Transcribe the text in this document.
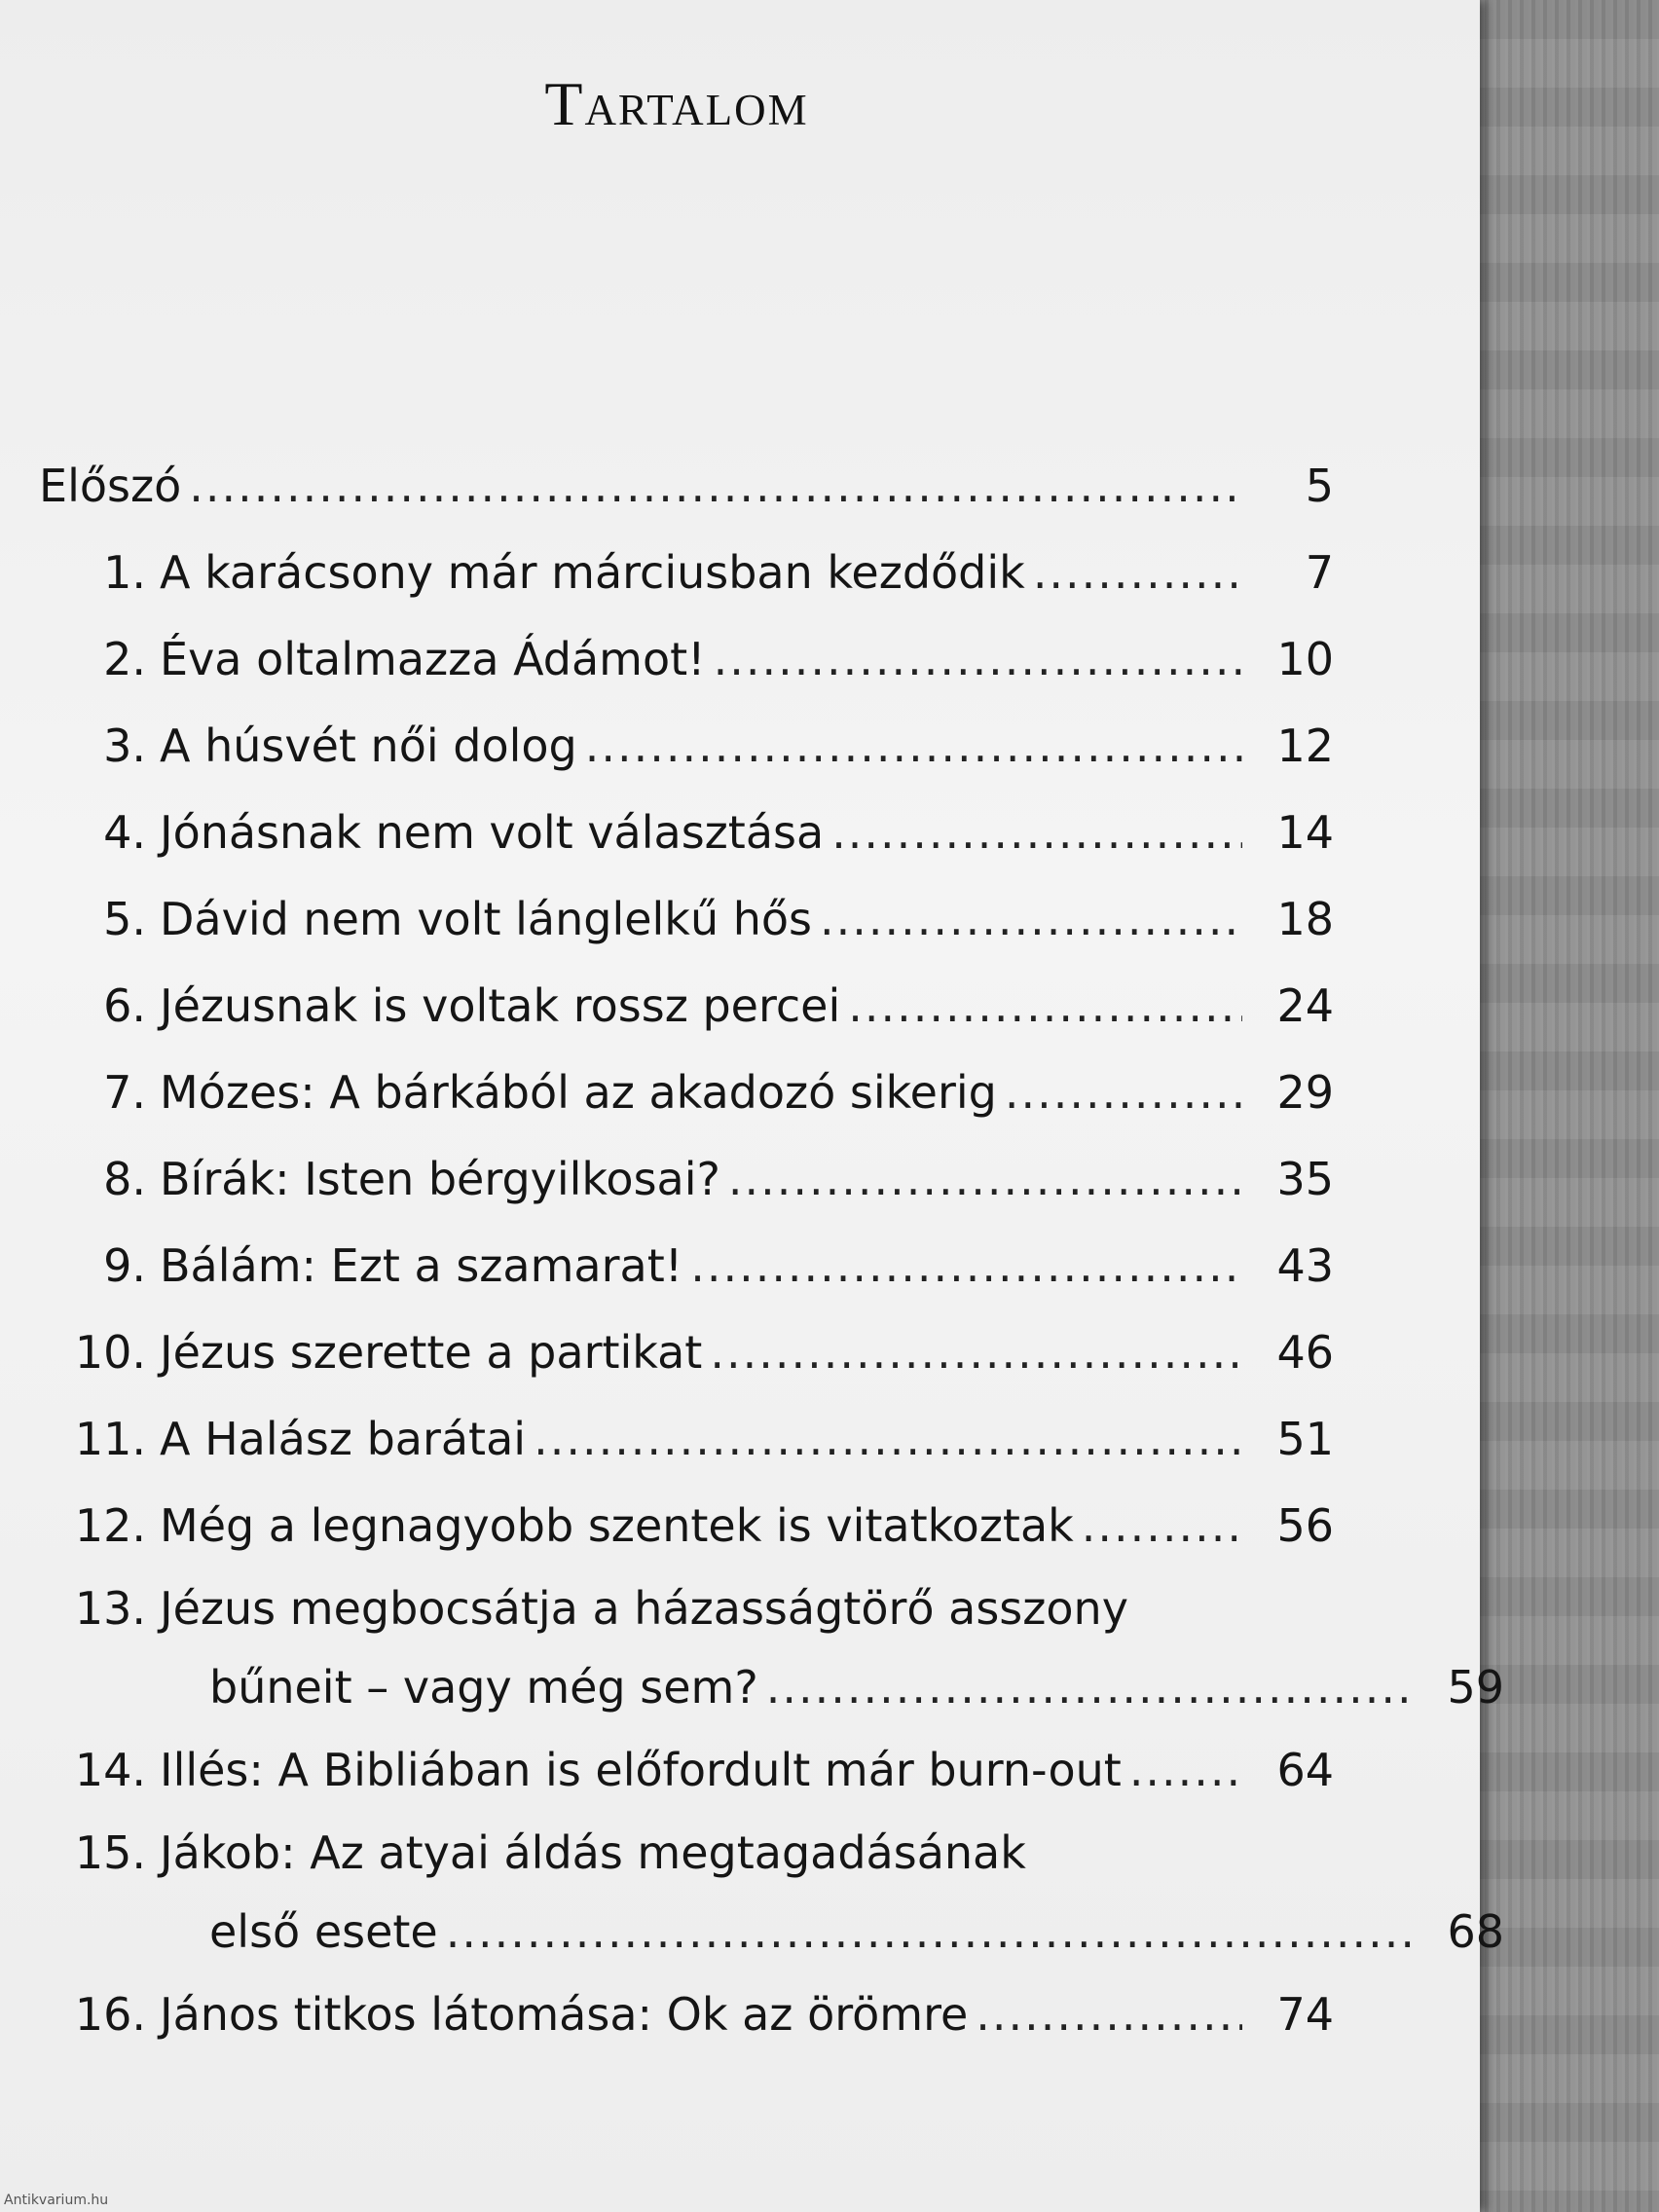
Tartalom
Előszó .....	5
1. A karácsony már márciusban kezdődik .....	7
2. Éva oltalmazza Ádámot! .....	10
3. A húsvét női dolog .....	12
4. Jónásnak nem volt választása .....	14
5. Dávid nem volt lánglelkű hős .....	18
6. Jézusnak is voltak rossz percei .....	24
7. Mózes: A bárkából az akadozó sikerig .....	29
8. Bírák: Isten bérgyilkosai? .....	35
9. Bálám: Ezt a szamarat! .....	43
10. Jézus szerette a partikat .....	46
11. A Halász barátai .....	51
12. Még a legnagyobb szentek is vitatkoztak .....	56
13. Jézus megbocsátja a házasságtörő asszony
bűneit – vagy még sem? .....	59
14. Illés: A Bibliában is előfordult már burn-out .....	64
15. Jákob: Az atyai áldás megtagadásának
első esete .....	68
16. János titkos látomása: Ok az örömre .....	74
Antikvarium.hu
